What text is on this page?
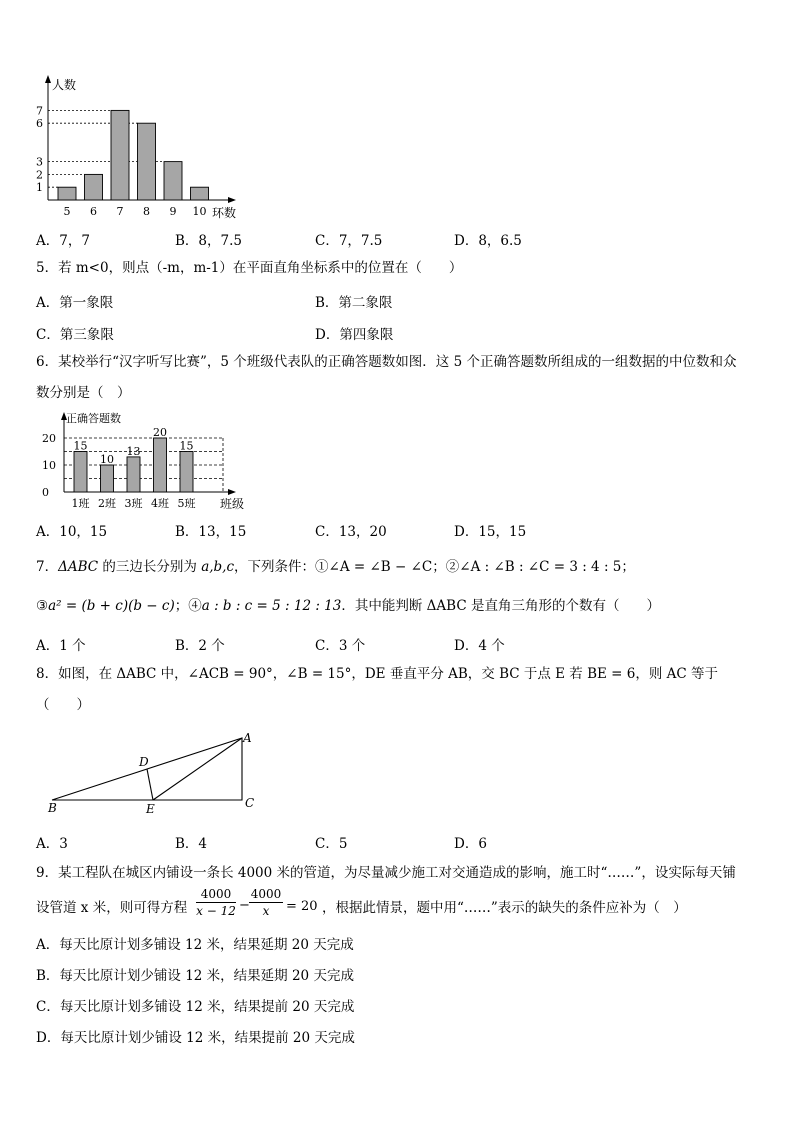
人数
环数
1
2
3
6
7
5 6 7 8 9 10
A．7，7	B．8，7.5	C．7，7.5	D．8，6.5
5．若 m<0，则点（-m，m-1）在平面直角坐标系中的位置在（　　）
A．第一象限	B．第二象限
C．第三象限	D．第四象限
6．某校举行“汉字听写比赛”，5 个班级代表队的正确答题数如图．这 5 个正确答题数所组成的一组数据的中位数和众
数分别是（　）
正确答题数
班级
0
10
20
1班 2班 3班 4班 5班
15
10
13
20
15
A．10，15	B．13，15	C．13，20	D．15，15
7．ΔABC 的三边长分别为 a,b,c，下列条件：①∠A = ∠B − ∠C；②∠A : ∠B : ∠C = 3 : 4 : 5；
③a² = (b + c)(b − c)；④a : b : c = 5 : 12 : 13．其中能判断 ΔABC 是直角三角形的个数有（　　）
A．1 个	B．2 个	C．3 个	D．4 个
8．如图，在 ΔABC 中，∠ACB = 90°，∠B = 15°，DE 垂直平分 AB，交 BC 于点 E 若 BE = 6，则 AC 等于
（　　）
A
B	C
D
E
A．3	B．4	C．5	D．6
9．某工程队在城区内铺设一条长 4000 米的管道，为尽量减少施工对交通造成的影响，施工时“……”，设实际每天铺
设管道 x 米，则可得方程 $\frac{4000}{x - 12} - \frac{4000}{x} = 20$ ，根据此情景，题中用“……”表示的缺失的条件应补为（　）
A．每天比原计划多铺设 12 米，结果延期 20 天完成
B．每天比原计划少铺设 12 米，结果延期 20 天完成
C．每天比原计划多铺设 12 米，结果提前 20 天完成
D．每天比原计划少铺设 12 米，结果提前 20 天完成
